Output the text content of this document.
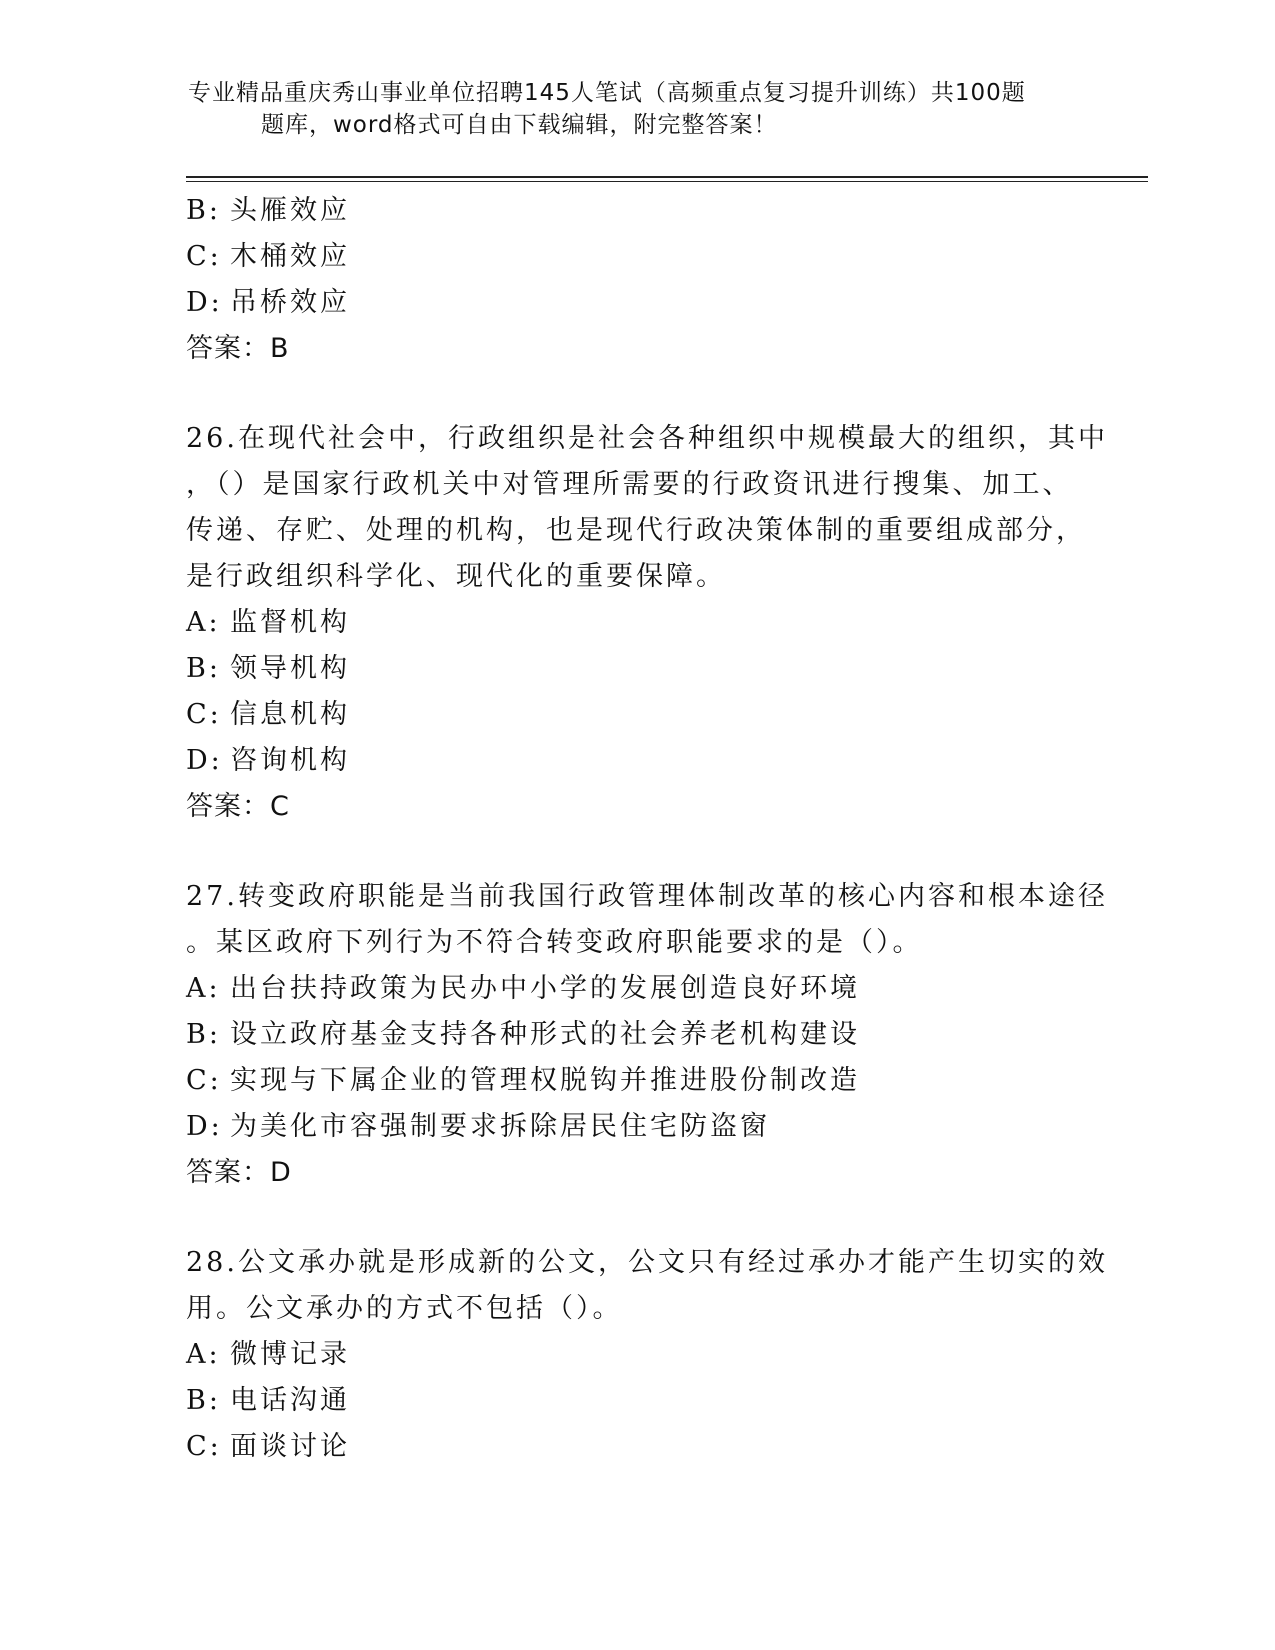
专业精品重庆秀山事业单位招聘145人笔试（高频重点复习提升训练）共100题
题库，word格式可自由下载编辑，附完整答案！
B: 头雁效应
C: 木桶效应
D: 吊桥效应
答案：B
26.在现代社会中，行政组织是社会各种组织中规模最大的组织，其中
，（）是国家行政机关中对管理所需要的行政资讯进行搜集、加工、
传递、存贮、处理的机构，也是现代行政决策体制的重要组成部分，
是行政组织科学化、现代化的重要保障。
A: 监督机构
B: 领导机构
C: 信息机构
D: 咨询机构
答案：C
27.转变政府职能是当前我国行政管理体制改革的核心内容和根本途径
。某区政府下列行为不符合转变政府职能要求的是（）。
A: 出台扶持政策为民办中小学的发展创造良好环境
B: 设立政府基金支持各种形式的社会养老机构建设
C: 实现与下属企业的管理权脱钩并推进股份制改造
D: 为美化市容强制要求拆除居民住宅防盗窗
答案：D
28.公文承办就是形成新的公文，公文只有经过承办才能产生切实的效
用。公文承办的方式不包括（）。
A: 微博记录
B: 电话沟通
C: 面谈讨论
